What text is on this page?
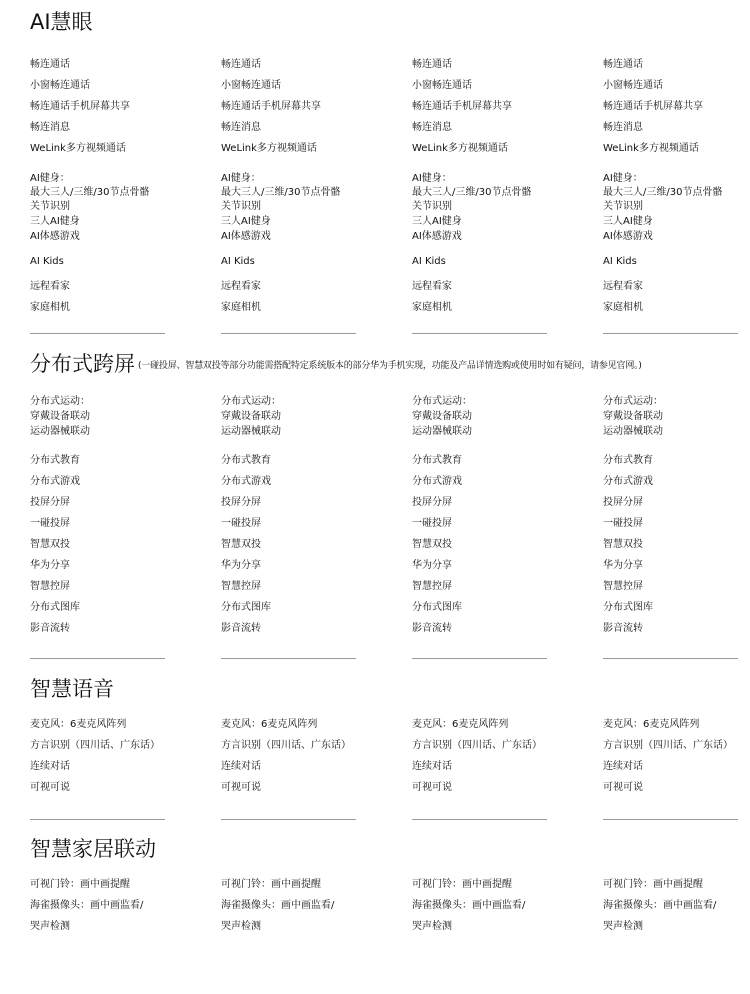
AI慧眼
畅连通话
小窗畅连通话
畅连通话手机屏幕共享
畅连消息
WeLink多方视频通话
AI健身：
最大三人/三维/30节点骨骼
关节识别
三人AI健身
AI体感游戏
AI Kids
远程看家
家庭相机
畅连通话
小窗畅连通话
畅连通话手机屏幕共享
畅连消息
WeLink多方视频通话
AI健身：
最大三人/三维/30节点骨骼
关节识别
三人AI健身
AI体感游戏
AI Kids
远程看家
家庭相机
畅连通话
小窗畅连通话
畅连通话手机屏幕共享
畅连消息
WeLink多方视频通话
AI健身：
最大三人/三维/30节点骨骼
关节识别
三人AI健身
AI体感游戏
AI Kids
远程看家
家庭相机
畅连通话
小窗畅连通话
畅连通话手机屏幕共享
畅连消息
WeLink多方视频通话
AI健身：
最大三人/三维/30节点骨骼
关节识别
三人AI健身
AI体感游戏
AI Kids
远程看家
家庭相机
分布式跨屏 (一碰投屏、智慧双投等部分功能需搭配特定系统版本的部分华为手机实现，功能及产品详情选购或使用时如有疑问，请参见官网。)
分布式运动：
穿戴设备联动
运动器械联动
分布式教育
分布式游戏
投屏分屏
一碰投屏
智慧双投
华为分享
智慧控屏
分布式图库
影音流转
分布式运动：
穿戴设备联动
运动器械联动
分布式教育
分布式游戏
投屏分屏
一碰投屏
智慧双投
华为分享
智慧控屏
分布式图库
影音流转
分布式运动：
穿戴设备联动
运动器械联动
分布式教育
分布式游戏
投屏分屏
一碰投屏
智慧双投
华为分享
智慧控屏
分布式图库
影音流转
分布式运动：
穿戴设备联动
运动器械联动
分布式教育
分布式游戏
投屏分屏
一碰投屏
智慧双投
华为分享
智慧控屏
分布式图库
影音流转
智慧语音
麦克风：6麦克风阵列
方言识别（四川话、广东话）
连续对话
可视可说
麦克风：6麦克风阵列
方言识别（四川话、广东话）
连续对话
可视可说
麦克风：6麦克风阵列
方言识别（四川话、广东话）
连续对话
可视可说
麦克风：6麦克风阵列
方言识别（四川话、广东话）
连续对话
可视可说
智慧家居联动
可视门铃：画中画提醒
海雀摄像头：画中画监看/
哭声检测
可视门铃：画中画提醒
海雀摄像头：画中画监看/
哭声检测
可视门铃：画中画提醒
海雀摄像头：画中画监看/
哭声检测
可视门铃：画中画提醒
海雀摄像头：画中画监看/
哭声检测
